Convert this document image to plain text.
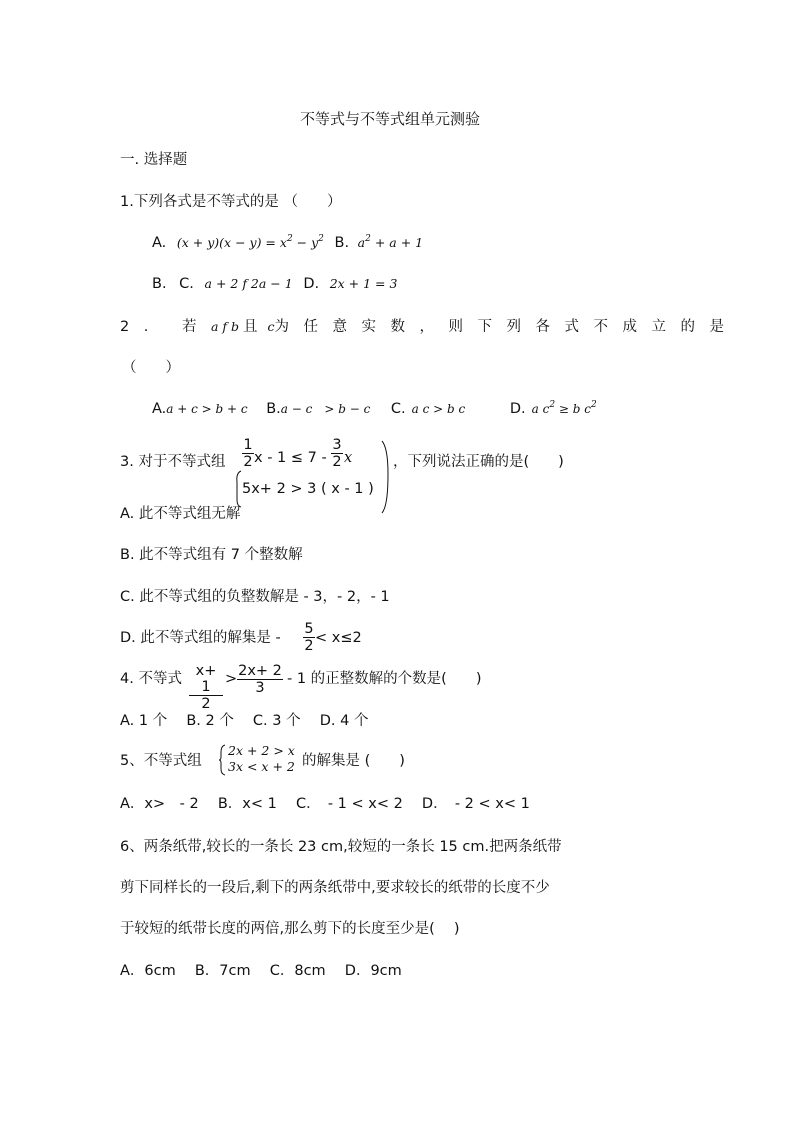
不等式与不等式组单元测验
一. 选择题
1.下列各式是不等式的是 （　　）
A. $(x + y)(x - y) = x^2 - y^2$ B. $a^2 + a + 1$
B. C. a + 2 f 2a − 1 D. 2x + 1 = 3
2. 若a f b 且 c为任意实数，则下列各式不成立的是
（　　）
A.a + c > b + c B.a − c　> b − c C. a c > b c	D. a $c^2 \ge b$ $c^2$
3. 对于不等式组 $\frac{1}{2}$ $x - 1 \le 7 - \frac{3}{2}$ x
5x+ 2 > 3 ( x - 1 )
，下列说法正确的是(　　)
A. 此不等式组无解
B. 此不等式组有 7 个整数解
C. 此不等式组的负整数解是 - 3，- 2，- 1
D. 此不等式组的解集是 - $\frac{5}{2} < x\le 2$
4. 不等式 $\frac{x+ 1}{2} > \frac{2x+ 2}{3} - 1$ 的正整数解的个数是(　　)
A. 1 个　 B. 2 个　 C. 3 个　 D. 4 个
5、不等式组
2x + 2 > x
3x < x + 2 的解集是 (　　)
A．x>　- 2　 B．x< 1　 C．　- 1 < x< 2　 D．　- 2 < x< 1
6、两条纸带,较长的一条长 23 cm,较短的一条长 15 cm.把两条纸带
剪下同样长的一段后,剩下的两条纸带中,要求较长的纸带的长度不少
于较短的纸带长度的两倍,那么剪下的长度至少是(　 )
A．6cm　 B．7cm　 C．8cm　 D．9cm
